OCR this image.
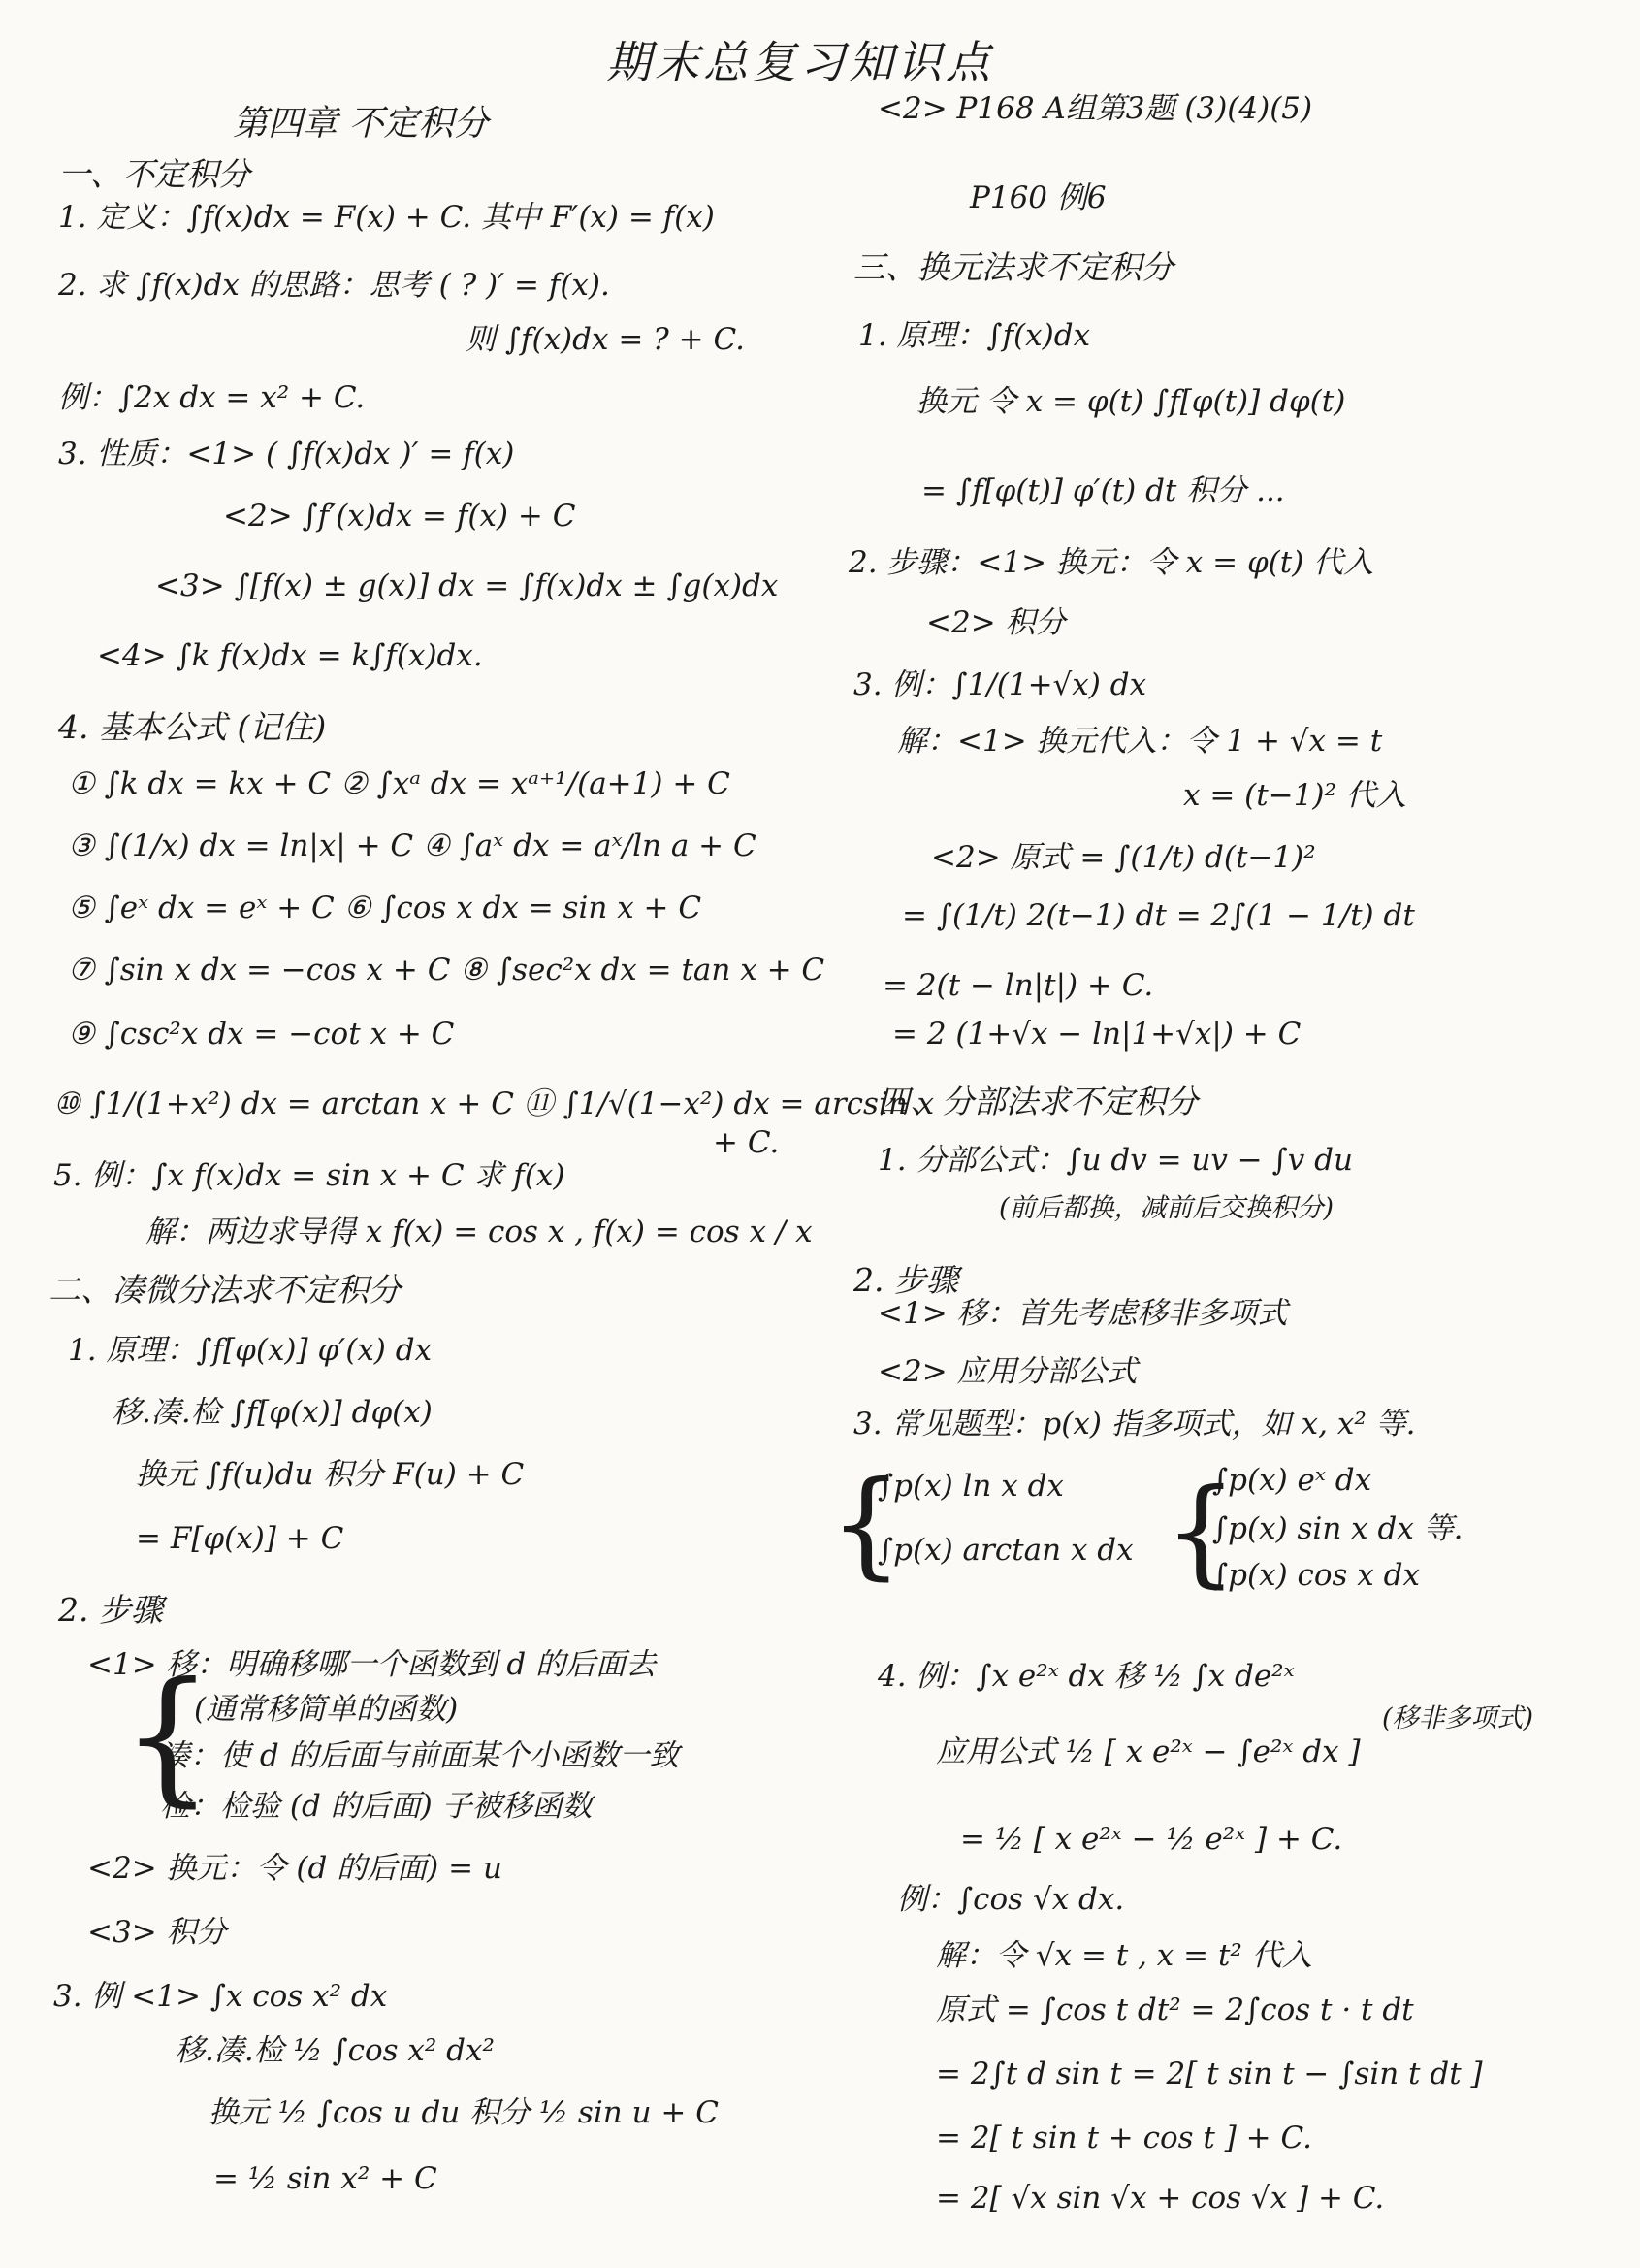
期末总复习知识点
第四章 不定积分
一、不定积分
1. 定义：∫f(x)dx = F(x) + C. 其中 F′(x) = f(x)
2. 求 ∫f(x)dx 的思路：思考 ( ? )′ = f(x).
则 ∫f(x)dx = ? + C.
例：∫2x dx = x² + C.
3. 性质：<1> ( ∫f(x)dx )′ = f(x)
<2> ∫f′(x)dx = f(x) + C
<3> ∫[f(x) ± g(x)] dx = ∫f(x)dx ± ∫g(x)dx
<4> ∫k f(x)dx = k∫f(x)dx.
4. 基本公式 (记住)
① ∫k dx = kx + C ② ∫xᵃ dx = xᵃ⁺¹/(a+1) + C
③ ∫(1/x) dx = ln|x| + C ④ ∫aˣ dx = aˣ/ln a + C
⑤ ∫eˣ dx = eˣ + C ⑥ ∫cos x dx = sin x + C
⑦ ∫sin x dx = −cos x + C ⑧ ∫sec²x dx = tan x + C
⑨ ∫csc²x dx = −cot x + C
⑩ ∫1/(1+x²) dx = arctan x + C ⑪ ∫1/√(1−x²) dx = arcsin x
+ C.
5. 例：∫x f(x)dx = sin x + C 求 f(x)
解：两边求导得 x f(x) = cos x , f(x) = cos x / x
二、凑微分法求不定积分
1. 原理：∫f[φ(x)] φ′(x) dx
移.凑.检 ∫f[φ(x)] dφ(x)
换元 ∫f(u)du 积分 F(u) + C
= F[φ(x)] + C
2. 步骤
<1> 移：明确移哪一个函数到 d 的后面去
(通常移简单的函数)
{
凑：使 d 的后面与前面某个小函数一致
检：检验 (d 的后面) 子被移函数
<2> 换元：令 (d 的后面) = u
<3> 积分
3. 例 <1> ∫x cos x² dx
移.凑.检 ½ ∫cos x² dx²
换元 ½ ∫cos u du 积分 ½ sin u + C
= ½ sin x² + C
<2> P168 A组第3题 (3)(4)(5)
P160 例6
三、换元法求不定积分
1. 原理：∫f(x)dx
换元 令 x = φ(t) ∫f[φ(t)] dφ(t)
= ∫f[φ(t)] φ′(t) dt 积分 ...
2. 步骤：<1> 换元：令 x = φ(t) 代入
<2> 积分
3. 例：∫1/(1+√x) dx
解：<1> 换元代入：令 1 + √x = t
x = (t−1)² 代入
<2> 原式 = ∫(1/t) d(t−1)²
= ∫(1/t) 2(t−1) dt = 2∫(1 − 1/t) dt
= 2(t − ln|t|) + C.
= 2 (1+√x − ln|1+√x|) + C
四、分部法求不定积分
1. 分部公式：∫u dv = uv − ∫v du
(前后都换，减前后交换积分)
2. 步骤
<1> 移：首先考虑移非多项式
<2> 应用分部公式
3. 常见题型：p(x) 指多项式，如 x, x² 等.
{
∫p(x) ln x dx
∫p(x) arctan x dx {
∫p(x) eˣ dx
∫p(x) sin x dx 等.
∫p(x) cos x dx
4. 例：∫x e²ˣ dx 移 ½ ∫x de²ˣ
(移非多项式)
应用公式 ½ [ x e²ˣ − ∫e²ˣ dx ]
= ½ [ x e²ˣ − ½ e²ˣ ] + C.
例：∫cos √x dx.
解：令 √x = t , x = t² 代入
原式 = ∫cos t dt² = 2∫cos t · t dt
= 2∫t d sin t = 2[ t sin t − ∫sin t dt ]
= 2[ t sin t + cos t ] + C.
= 2[ √x sin √x + cos √x ] + C.
